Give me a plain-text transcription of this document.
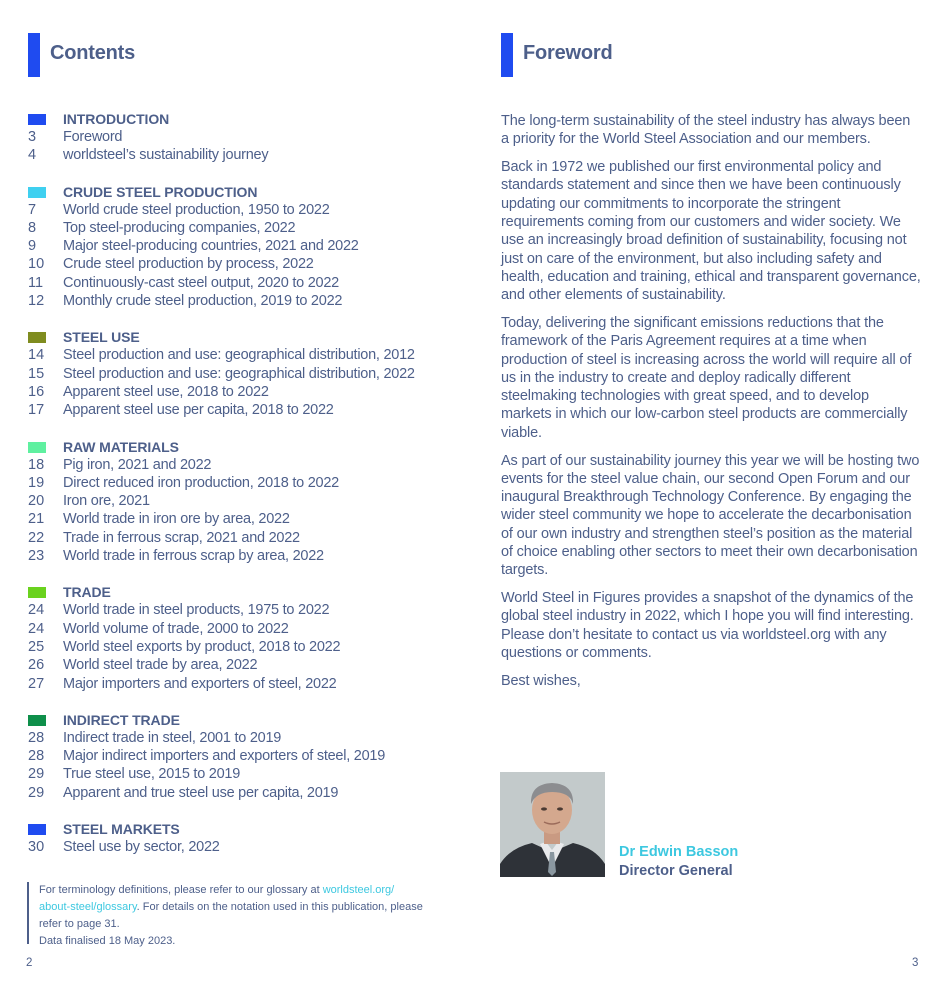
Contents
INTRODUCTION
3 Foreword
4 worldsteel’s sustainability journey
CRUDE STEEL PRODUCTION
7 World crude steel production, 1950 to 2022
8 Top steel-producing companies, 2022
9 Major steel-producing countries, 2021 and 2022
10 Crude steel production by process, 2022
11 Continuously-cast steel output, 2020 to 2022
12 Monthly crude steel production, 2019 to 2022
STEEL USE
14 Steel production and use: geographical distribution, 2012
15 Steel production and use: geographical distribution, 2022
16 Apparent steel use, 2018 to 2022
17 Apparent steel use per capita, 2018 to 2022
RAW MATERIALS
18 Pig iron, 2021 and 2022
19 Direct reduced iron production, 2018 to 2022
20 Iron ore, 2021
21 World trade in iron ore by area, 2022
22 Trade in ferrous scrap, 2021 and 2022
23 World trade in ferrous scrap by area, 2022
TRADE
24 World trade in steel products, 1975 to 2022
24 World volume of trade, 2000 to 2022
25 World steel exports by product, 2018 to 2022
26 World steel trade by area, 2022
27 Major importers and exporters of steel, 2022
INDIRECT TRADE
28 Indirect trade in steel, 2001 to 2019
28 Major indirect importers and exporters of steel, 2019
29 True steel use, 2015 to 2019
29 Apparent and true steel use per capita, 2019
STEEL MARKETS
30 Steel use by sector, 2022
For terminology definitions, please refer to our glossary at worldsteel.org/
about-steel/glossary. For details on the notation used in this publication, please refer to page 31.
Data finalised 18 May 2023.
2
Foreword

The long-term sustainability of the steel industry has always been a priority for the World Steel Association and our members.

Back in 1972 we published our first environmental policy and standards statement and since then we have been continuously updating our commitments to incorporate the stringent requirements coming from our customers and wider society. We use an increasingly broad definition of sustainability, focusing not just on care of the environment, but also including safety and health, education and training, ethical and transparent governance, and other elements of sustainability.

Today, delivering the significant emissions reductions that the framework of the Paris Agreement requires at a time when production of steel is increasing across the world will require all of us in the industry to create and deploy radically different steelmaking technologies with great speed, and to develop markets in which our low-carbon steel products are commercially viable.

As part of our sustainability journey this year we will be hosting two events for the steel value chain, our second Open Forum and our inaugural Breakthrough Technology Conference. By engaging the wider steel community we hope to accelerate the decarbonisation of our own industry and strengthen steel’s position as the material of choice enabling other sectors to meet their own decarbonisation targets.

World Steel in Figures provides a snapshot of the dynamics of the global steel industry in 2022, which I hope you will find interesting. Please don’t hesitate to contact us via worldsteel.org with any questions or comments.

Best wishes,

Dr Edwin Basson
Director General
3
